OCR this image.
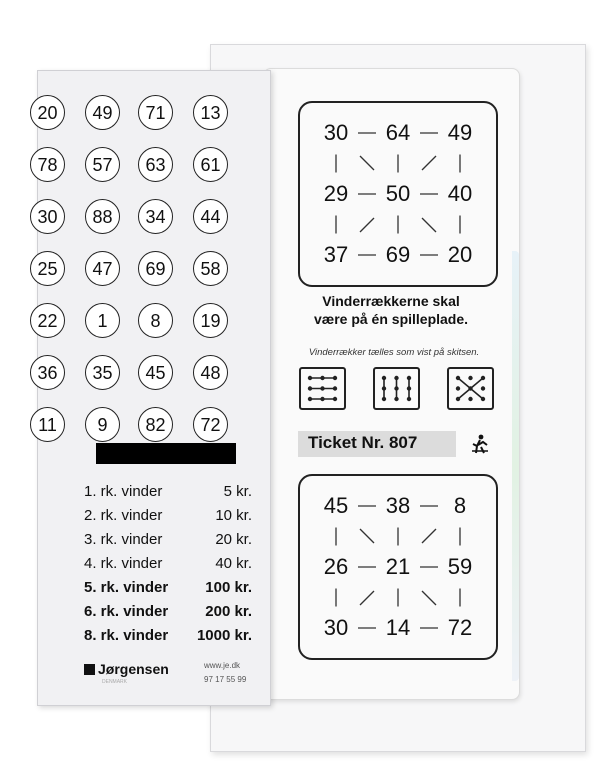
30	64	49
29	50	40
37	69	20
Vinderrækkerne skal
være på én spilleplade.
Vinderrækker tælles som vist på skitsen.
Ticket Nr. 807
45	38	8
26	21	59
30	14	72
20	49	71	13
78	57	63	61
30	88	34	44
25	47	69	58
22	1	8	19
36	35	45	48
11	9	82	72
1. rk. vinder	5 kr.
2. rk. vinder	10 kr.
3. rk. vinder	20 kr.
4. rk. vinder	40 kr.
5. rk. vinder 100 kr.
6. rk. vinder 200 kr.
8. rk. vinder 1000 kr.
Jørgensen
DENMARK
www.je.dk
97 17 55 99
